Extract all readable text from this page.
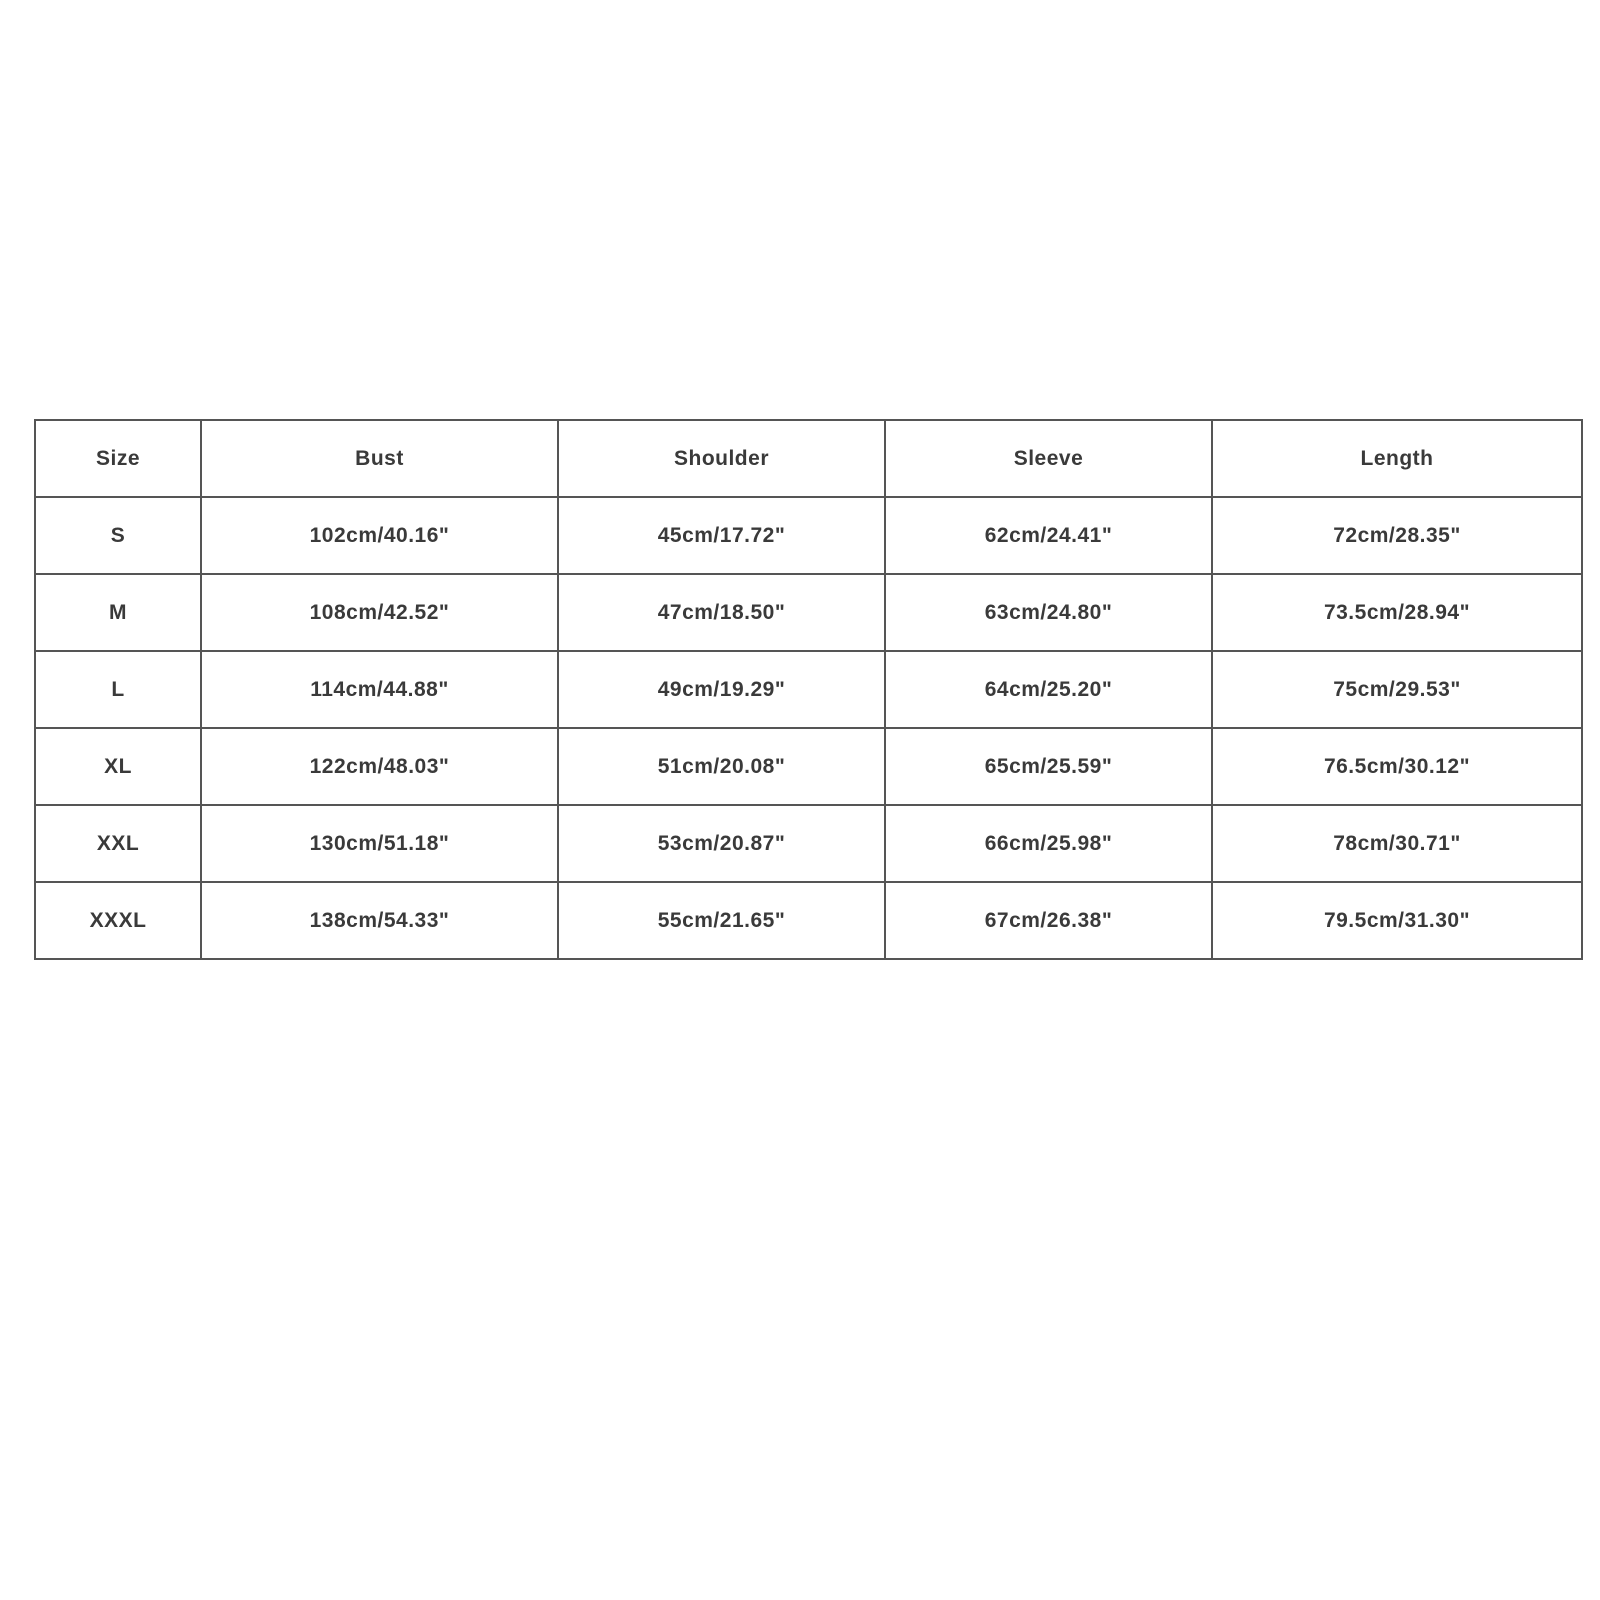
Size	Bust	Shoulder	Sleeve	Length
S	102cm/40.16"	45cm/17.72"	62cm/24.41"	72cm/28.35"
M	108cm/42.52"	47cm/18.50"	63cm/24.80"	73.5cm/28.94"
L	114cm/44.88"	49cm/19.29"	64cm/25.20"	75cm/29.53"
XL	122cm/48.03"	51cm/20.08"	65cm/25.59"	76.5cm/30.12"
XXL	130cm/51.18"	53cm/20.87"	66cm/25.98"	78cm/30.71"
XXXL	138cm/54.33"	55cm/21.65"	67cm/26.38"	79.5cm/31.30"
